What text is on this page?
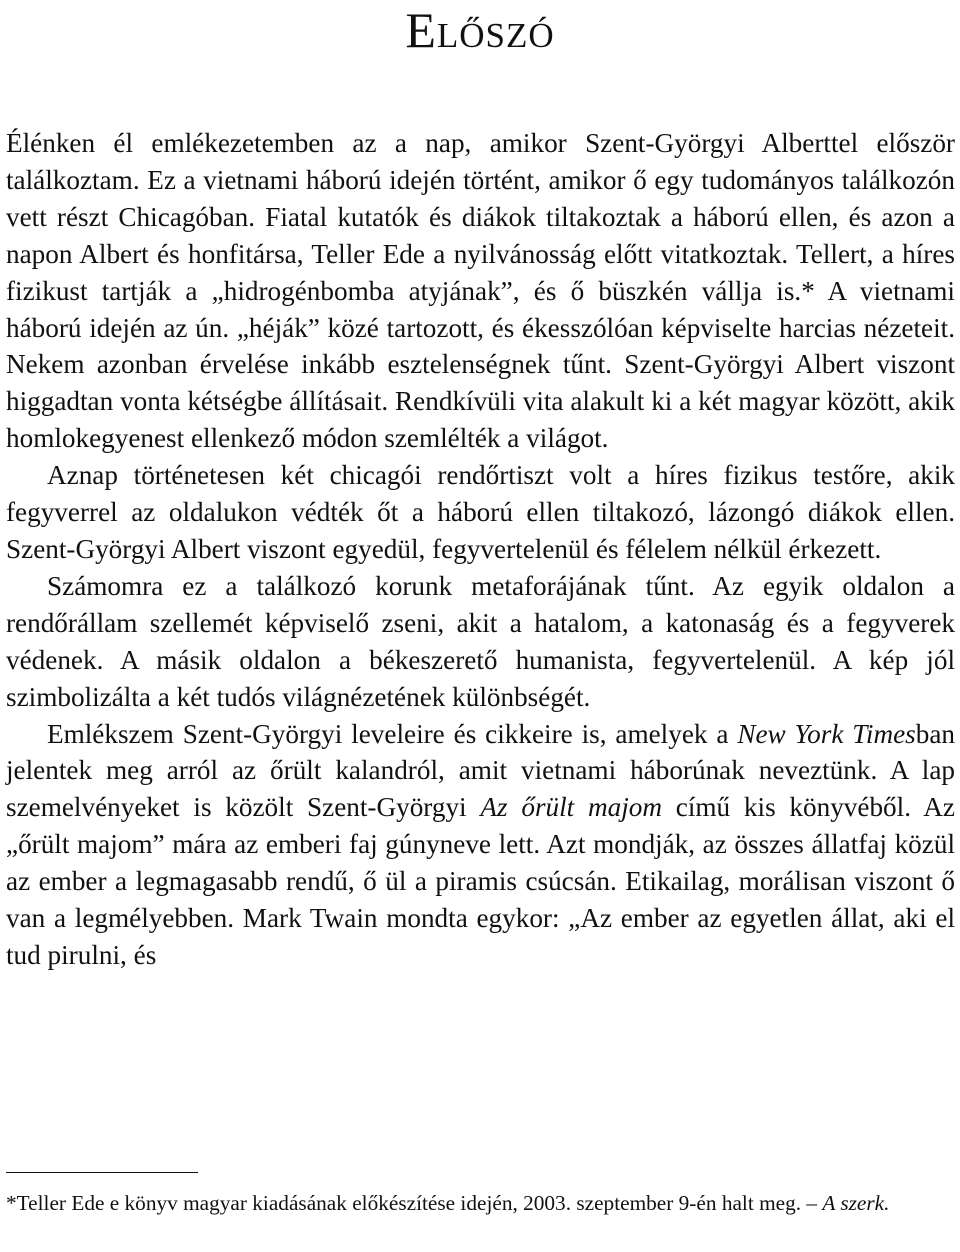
Előszó

Élénken él emlékezetemben az a nap, amikor Szent-Györgyi Alberttel először találkoztam. Ez a vietnami háború idején történt, amikor ő egy tudományos találkozón vett részt Chicagóban. Fiatal kutatók és diákok tiltakoztak a háború ellen, és azon a napon Albert és honfitársa, Teller Ede a nyilvánosság előtt vitatkoztak. Tellert, a híres fizikust tartják a „hidrogénbomba atyjának”, és ő büszkén vállja is.* A vietnami háború idején az ún. „héják” közé tartozott, és ékesszólóan képviselte harcias nézeteit. Nekem azonban érvelése inkább esztelenségnek tűnt. Szent-Györgyi Albert viszont higgadtan vonta kétségbe állításait. Rendkívüli vita alakult ki a két magyar között, akik homlokegyenest ellenkező módon szemlélték a világot.

Aznap történetesen két chicagói rendőrtiszt volt a híres fizikus testőre, akik fegyverrel az oldalukon védték őt a háború ellen tiltakozó, lázongó diákok ellen. Szent-Györgyi Albert viszont egyedül, fegyvertelenül és félelem nélkül érkezett.

Számomra ez a találkozó korunk metaforájának tűnt. Az egyik oldalon a rendőrállam szellemét képviselő zseni, akit a hatalom, a katonaság és a fegyverek védenek. A másik oldalon a békeszerető humanista, fegyvertelenül. A kép jól szimbolizálta a két tudós világnézetének különbségét.

Emlékszem Szent-Györgyi leveleire és cikkeire is, amelyek a New York Timesban jelentek meg arról az őrült kalandról, amit vietnami háborúnak neveztünk. A lap szemelvényeket is közölt Szent-Györgyi Az őrült majom című kis könyvéből. Az „őrült majom” mára az emberi faj gúnyneve lett. Azt mondják, az összes állatfaj közül az ember a legmagasabb rendű, ő ül a piramis csúcsán. Etikailag, morálisan viszont ő van a legmélyebben. Mark Twain mondta egykor: „Az ember az egyetlen állat, aki el tud pirulni, és

*Teller Ede e könyv magyar kiadásának előkészítése idején, 2003. szeptember 9-én halt meg. – A szerk.
